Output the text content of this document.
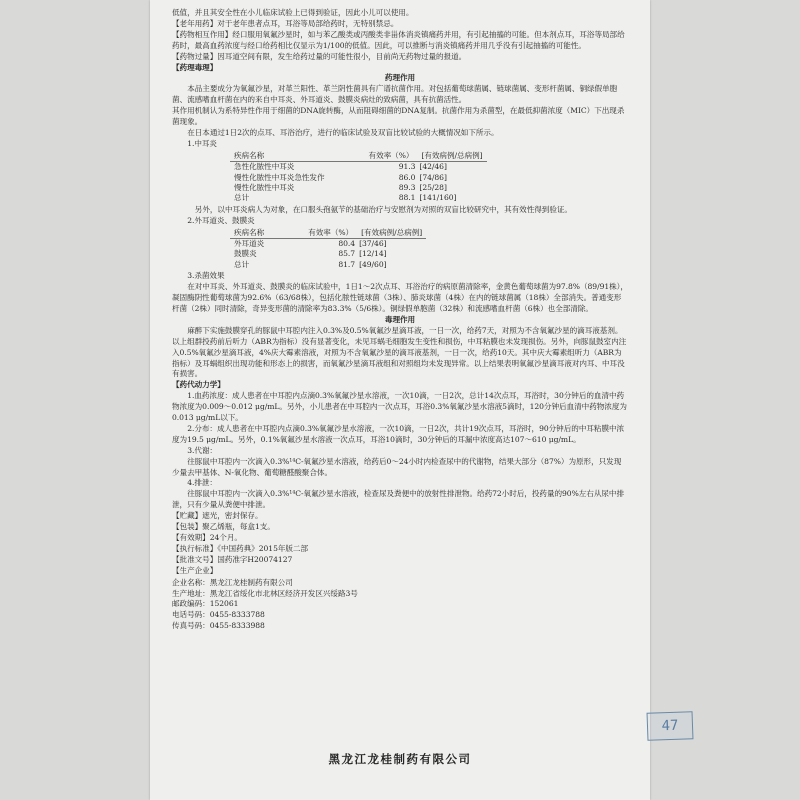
低值，并且其安全性在小儿临床试验上已得到验证，因此小儿可以使用。

【老年用药】对于老年患者点耳，耳浴等局部给药时，无特别禁忌。

【药物相互作用】经口服用氧氟沙星时，如与苯乙酸类或丙酸类非甾体消炎镇痛药并用，有引起抽搐的可能。但本剂点耳，耳浴等局部给药时，最高血药浓度与经口给药相比仅显示为1/100的低值。因此，可以推断与消炎镇痛药并用几乎没有引起抽搐的可能性。

【药物过量】因耳道空间有限，发生给药过量的可能性很小，目前尚无药物过量的报道。

【药理毒理】

药理作用

本品主要成分为氧氟沙星，对革兰阳性、革兰阴性菌具有广谱抗菌作用。对包括葡萄球菌属、链球菌属、变形杆菌属、铜绿假单胞菌、流感嗜血杆菌在内的来自中耳炎、外耳道炎、鼓膜炎病灶的致病菌，具有抗菌活性。

其作用机制认为系特异性作用于细菌的DNA旋转酶，从而阻碍细菌的DNA复制。抗菌作用为杀菌型，在最低抑菌浓度（MIC）下出现杀菌现象。

在日本通过1日2次的点耳、耳浴治疗，进行的临床试验及双盲比较试验的大概情况如下所示。

1.中耳炎

疾病名称	有效率（%）	[有效病例/总病例]
急性化脓性中耳炎	91.3	[42/46]
慢性化脓性中耳炎急性发作	86.0	[74/86]
慢性化脓性中耳炎	89.3	[25/28]
总计	88.1	[141/160]

另外，以中耳炎病人为对象，在口服头孢氨苄的基础治疗与安慰剂为对照的双盲比较研究中，其有效性得到验证。

2.外耳道炎、鼓膜炎

疾病名称	有效率（%）	[有效病例/总病例]
外耳道炎	80.4	[37/46]
鼓膜炎	85.7	[12/14]
总计	81.7	[49/60]

3.杀菌效果

在对中耳炎、外耳道炎、鼓膜炎的临床试验中，1日1～2次点耳、耳浴治疗的病原菌清除率，金黄色葡萄球菌为97.8%（89/91株），凝固酶阴性葡萄球菌为92.6%（63/68株），包括化脓性链球菌（3株）、肺炎球菌（4株）在内的链球菌属（18株）全部消失。普通变形杆菌（2株）同时清除，奇异变形菌的清除率为83.3%（5/6株）。铜绿假单胞菌（32株）和流感嗜血杆菌（6株）也全部清除。

毒理作用

麻醉下实施鼓膜穿孔的豚鼠中耳腔内注入0.3%及0.5%氧氟沙星滴耳液，一日一次，给药7天，对照为不含氧氟沙星的滴耳液基剂。以上组群投药前后听力（ABR为指标）没有显著变化，未见耳蜗毛细胞发生变性和损伤，中耳粘膜也未发现损伤。另外，向豚鼠鼓室内注入0.5%氧氟沙星滴耳液，4%庆大霉素溶液，对照为不含氧氟沙星的滴耳液基剂，一日一次，给药10天。其中庆大霉素组听力（ABR为指标）及耳蜗组织出现功能和形态上的损害，而氧氟沙星滴耳液组和对照组均未发现异常。以上结果表明氧氟沙星滴耳液对内耳、中耳没有损害。

【药代动力学】

1.血药浓度：成人患者在中耳腔内点滴0.3%氧氟沙星水溶液，一次10滴，一日2次，总计14次点耳，耳浴时，30分钟后的血清中药物浓度为0.009～0.012 μg/mL。另外，小儿患者在中耳腔内一次点耳，耳浴0.3%氧氟沙星水溶液5滴时，120分钟后血清中药物浓度为0.013 μg/mL以下。

2.分布：成人患者在中耳腔内点滴0.3%氧氟沙星水溶液，一次10滴，一日2次，共计19次点耳，耳浴时，90分钟后的中耳粘膜中浓度为19.5 μg/mL。另外，0.1%氧氟沙星水溶液一次点耳，耳浴10滴时，30分钟后的耳漏中浓度高达107～610 μg/mL。

3.代谢：

往豚鼠中耳腔内一次滴入0.3%¹⁴C-氧氟沙星水溶液，给药后0～24小时内检查尿中的代谢物，结果大部分（87%）为原形，只发现少量去甲基体、N-氧化物、葡萄糖醛酸聚合体。

4.排泄：

往豚鼠中耳腔内一次滴入0.3%¹⁴C-氧氟沙星水溶液，检查尿及粪便中的放射性排泄物。给药72小时后，投药量的90%左右从尿中排泄，只有少量从粪便中排泄。

【贮藏】遮光，密封保存。

【包装】聚乙烯瓶，每盒1支。

【有效期】24个月。

【执行标准】《中国药典》2015年版二部

【批准文号】国药准字H20074127

【生产企业】

企业名称：黑龙江龙桂制药有限公司

生产地址：黑龙江省绥化市北林区经济开发区兴绥路3号

邮政编码：152061

电话号码：0455-8333788

传真号码：0455-8333988

47
黑龙江龙桂制药有限公司
